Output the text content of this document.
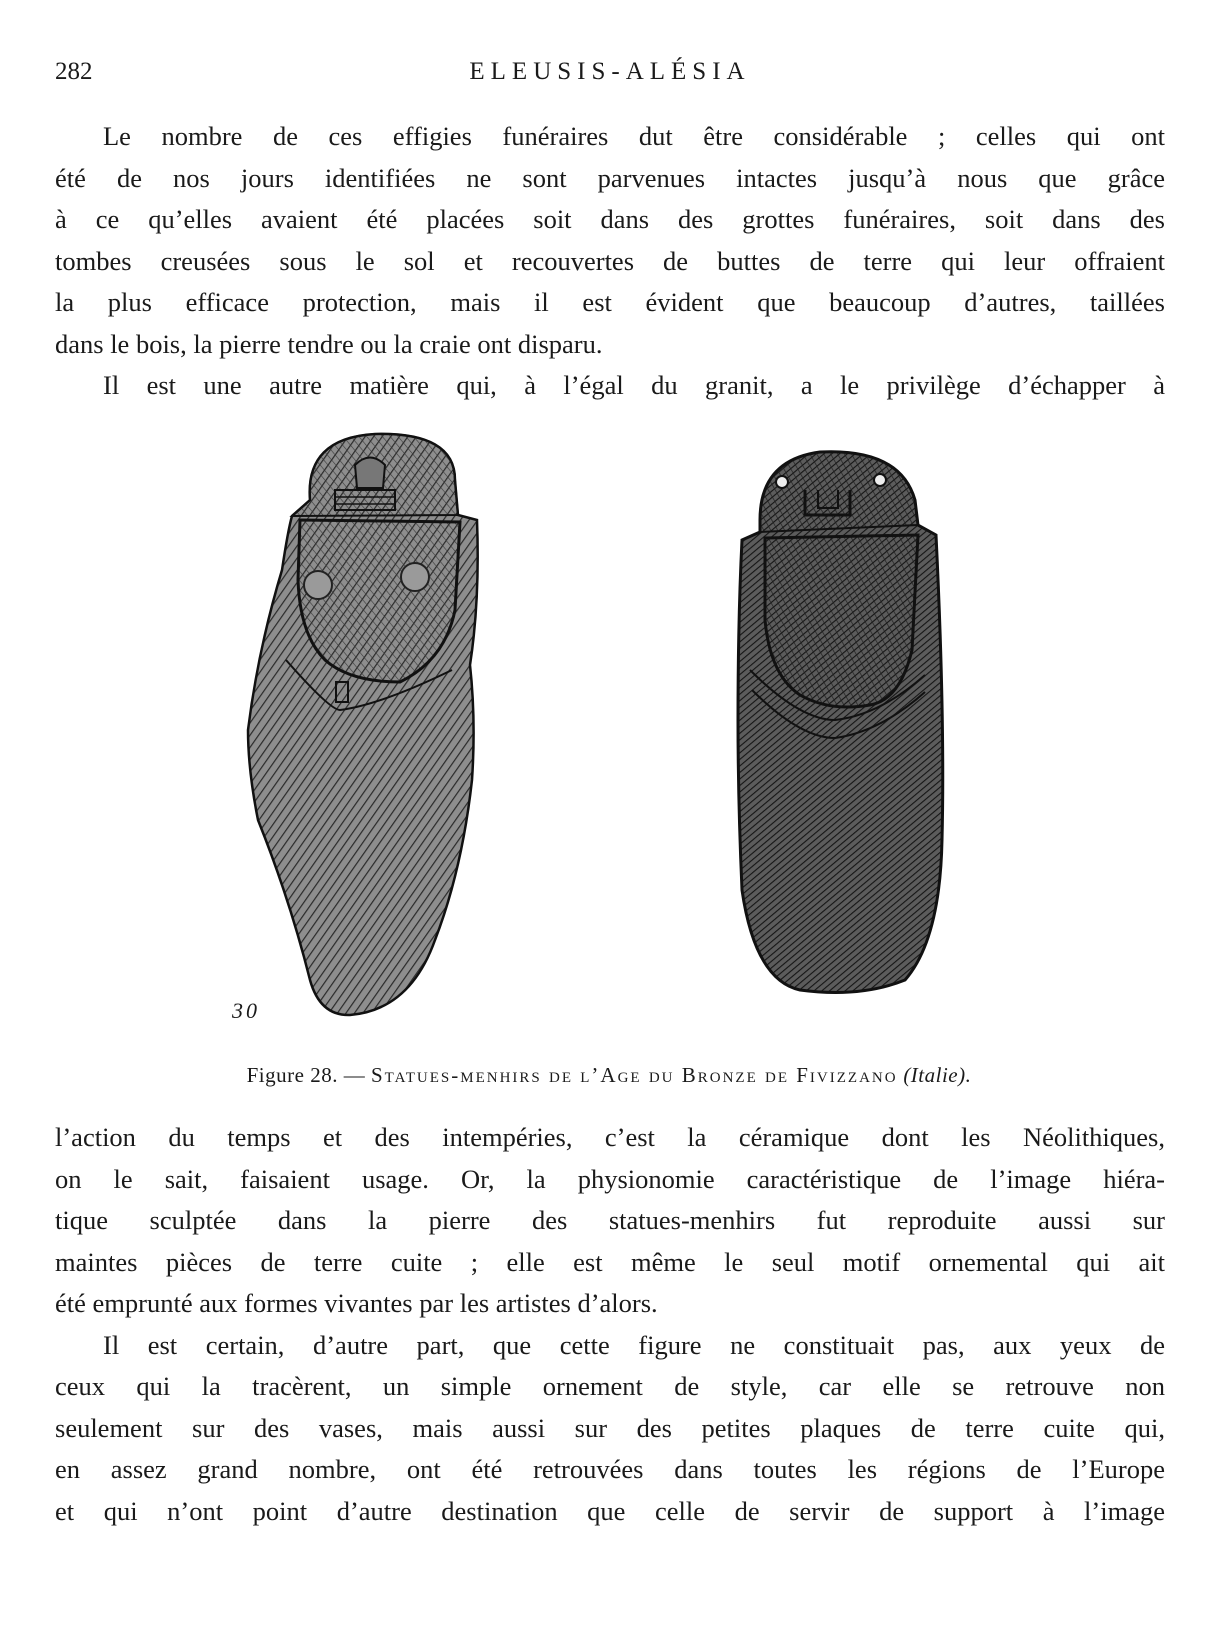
282	ELEUSIS-ALÉSIA
Le nombre de ces effigies funéraires dut être considérable ; celles qui ont
été de nos jours identifiées ne sont parvenues intactes jusqu’à nous que grâce
à ce qu’elles avaient été placées soit dans des grottes funéraires, soit dans des
tombes creusées sous le sol et recouvertes de buttes de terre qui leur offraient
la plus efficace protection, mais il est évident que beaucoup d’autres, taillées
dans le bois, la pierre tendre ou la craie ont disparu.
Il est une autre matière qui, à l’égal du granit, a le privilège d’échapper à
30
Figure 28. — Statues-menhirs de l’Age du Bronze de Fivizzano (Italie).
l’action du temps et des intempéries, c’est la céramique dont les Néolithiques,
on le sait, faisaient usage. Or, la physionomie caractéristique de l’image hiéra-
tique sculptée dans la pierre des statues-menhirs fut reproduite aussi sur
maintes pièces de terre cuite ; elle est même le seul motif ornemental qui ait
été emprunté aux formes vivantes par les artistes d’alors.
Il est certain, d’autre part, que cette figure ne constituait pas, aux yeux de
ceux qui la tracèrent, un simple ornement de style, car elle se retrouve non
seulement sur des vases, mais aussi sur des petites plaques de terre cuite qui,
en assez grand nombre, ont été retrouvées dans toutes les régions de l’Europe
et qui n’ont point d’autre destination que celle de servir de support à l’image
